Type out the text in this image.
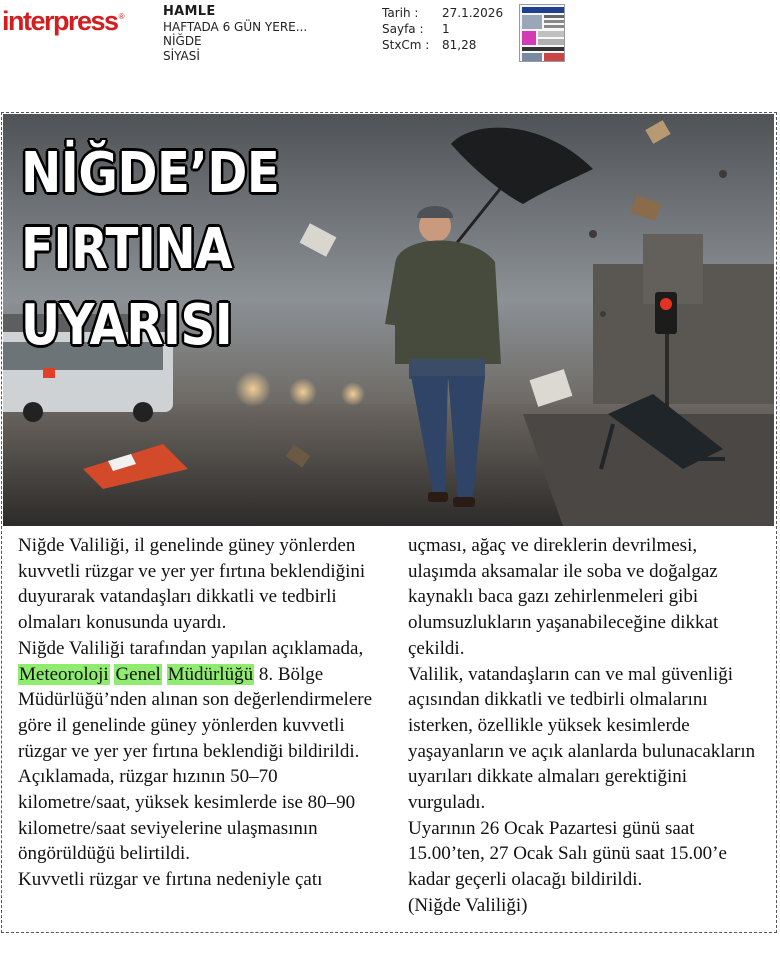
interpress ®	HAMLE
HAFTADA 6 GÜN YERE...
NİĞDE
SİYASİ
Tarih :	27.1.2026
Sayfa :	1
StxCm :	81,28
NİĞDE’DE
FIRTINA
UYARISI

Niğde Valiliği, il genelinde güney yönlerden kuvvetli rüzgar ve yer yer fırtına beklendiğini duyurarak vatandaşları dikkatli ve tedbirli olmaları konusunda uyardı.

Niğde Valiliği tarafından yapılan açıklamada, Meteoroloji Genel Müdürlüğü 8. Bölge Müdürlüğü’nden alınan son değerlendirmelere göre il genelinde güney yönlerden kuvvetli rüzgar ve yer yer fırtına beklendiği bildirildi.

Açıklamada, rüzgar hızının 50–70 kilometre/saat, yüksek kesimlerde ise 80–90 kilometre/saat seviyelerine ulaşmasının öngörüldüğü belirtildi.

Kuvvetli rüzgar ve fırtına nedeniyle çatı

uçması, ağaç ve direklerin devrilmesi, ulaşımda aksamalar ile soba ve doğalgaz kaynaklı baca gazı zehirlenmeleri gibi olumsuzlukların yaşanabileceğine dikkat çekildi.

Valilik, vatandaşların can ve mal güvenliği açısından dikkatli ve tedbirli olmalarını isterken, özellikle yüksek kesimlerde yaşayanların ve açık alanlarda bulunacakların uyarıları dikkate almaları gerektiğini vurguladı.

Uyarının 26 Ocak Pazartesi günü saat 15.00’ten, 27 Ocak Salı günü saat 15.00’e kadar geçerli olacağı bildirildi.

(Niğde Valiliği)
